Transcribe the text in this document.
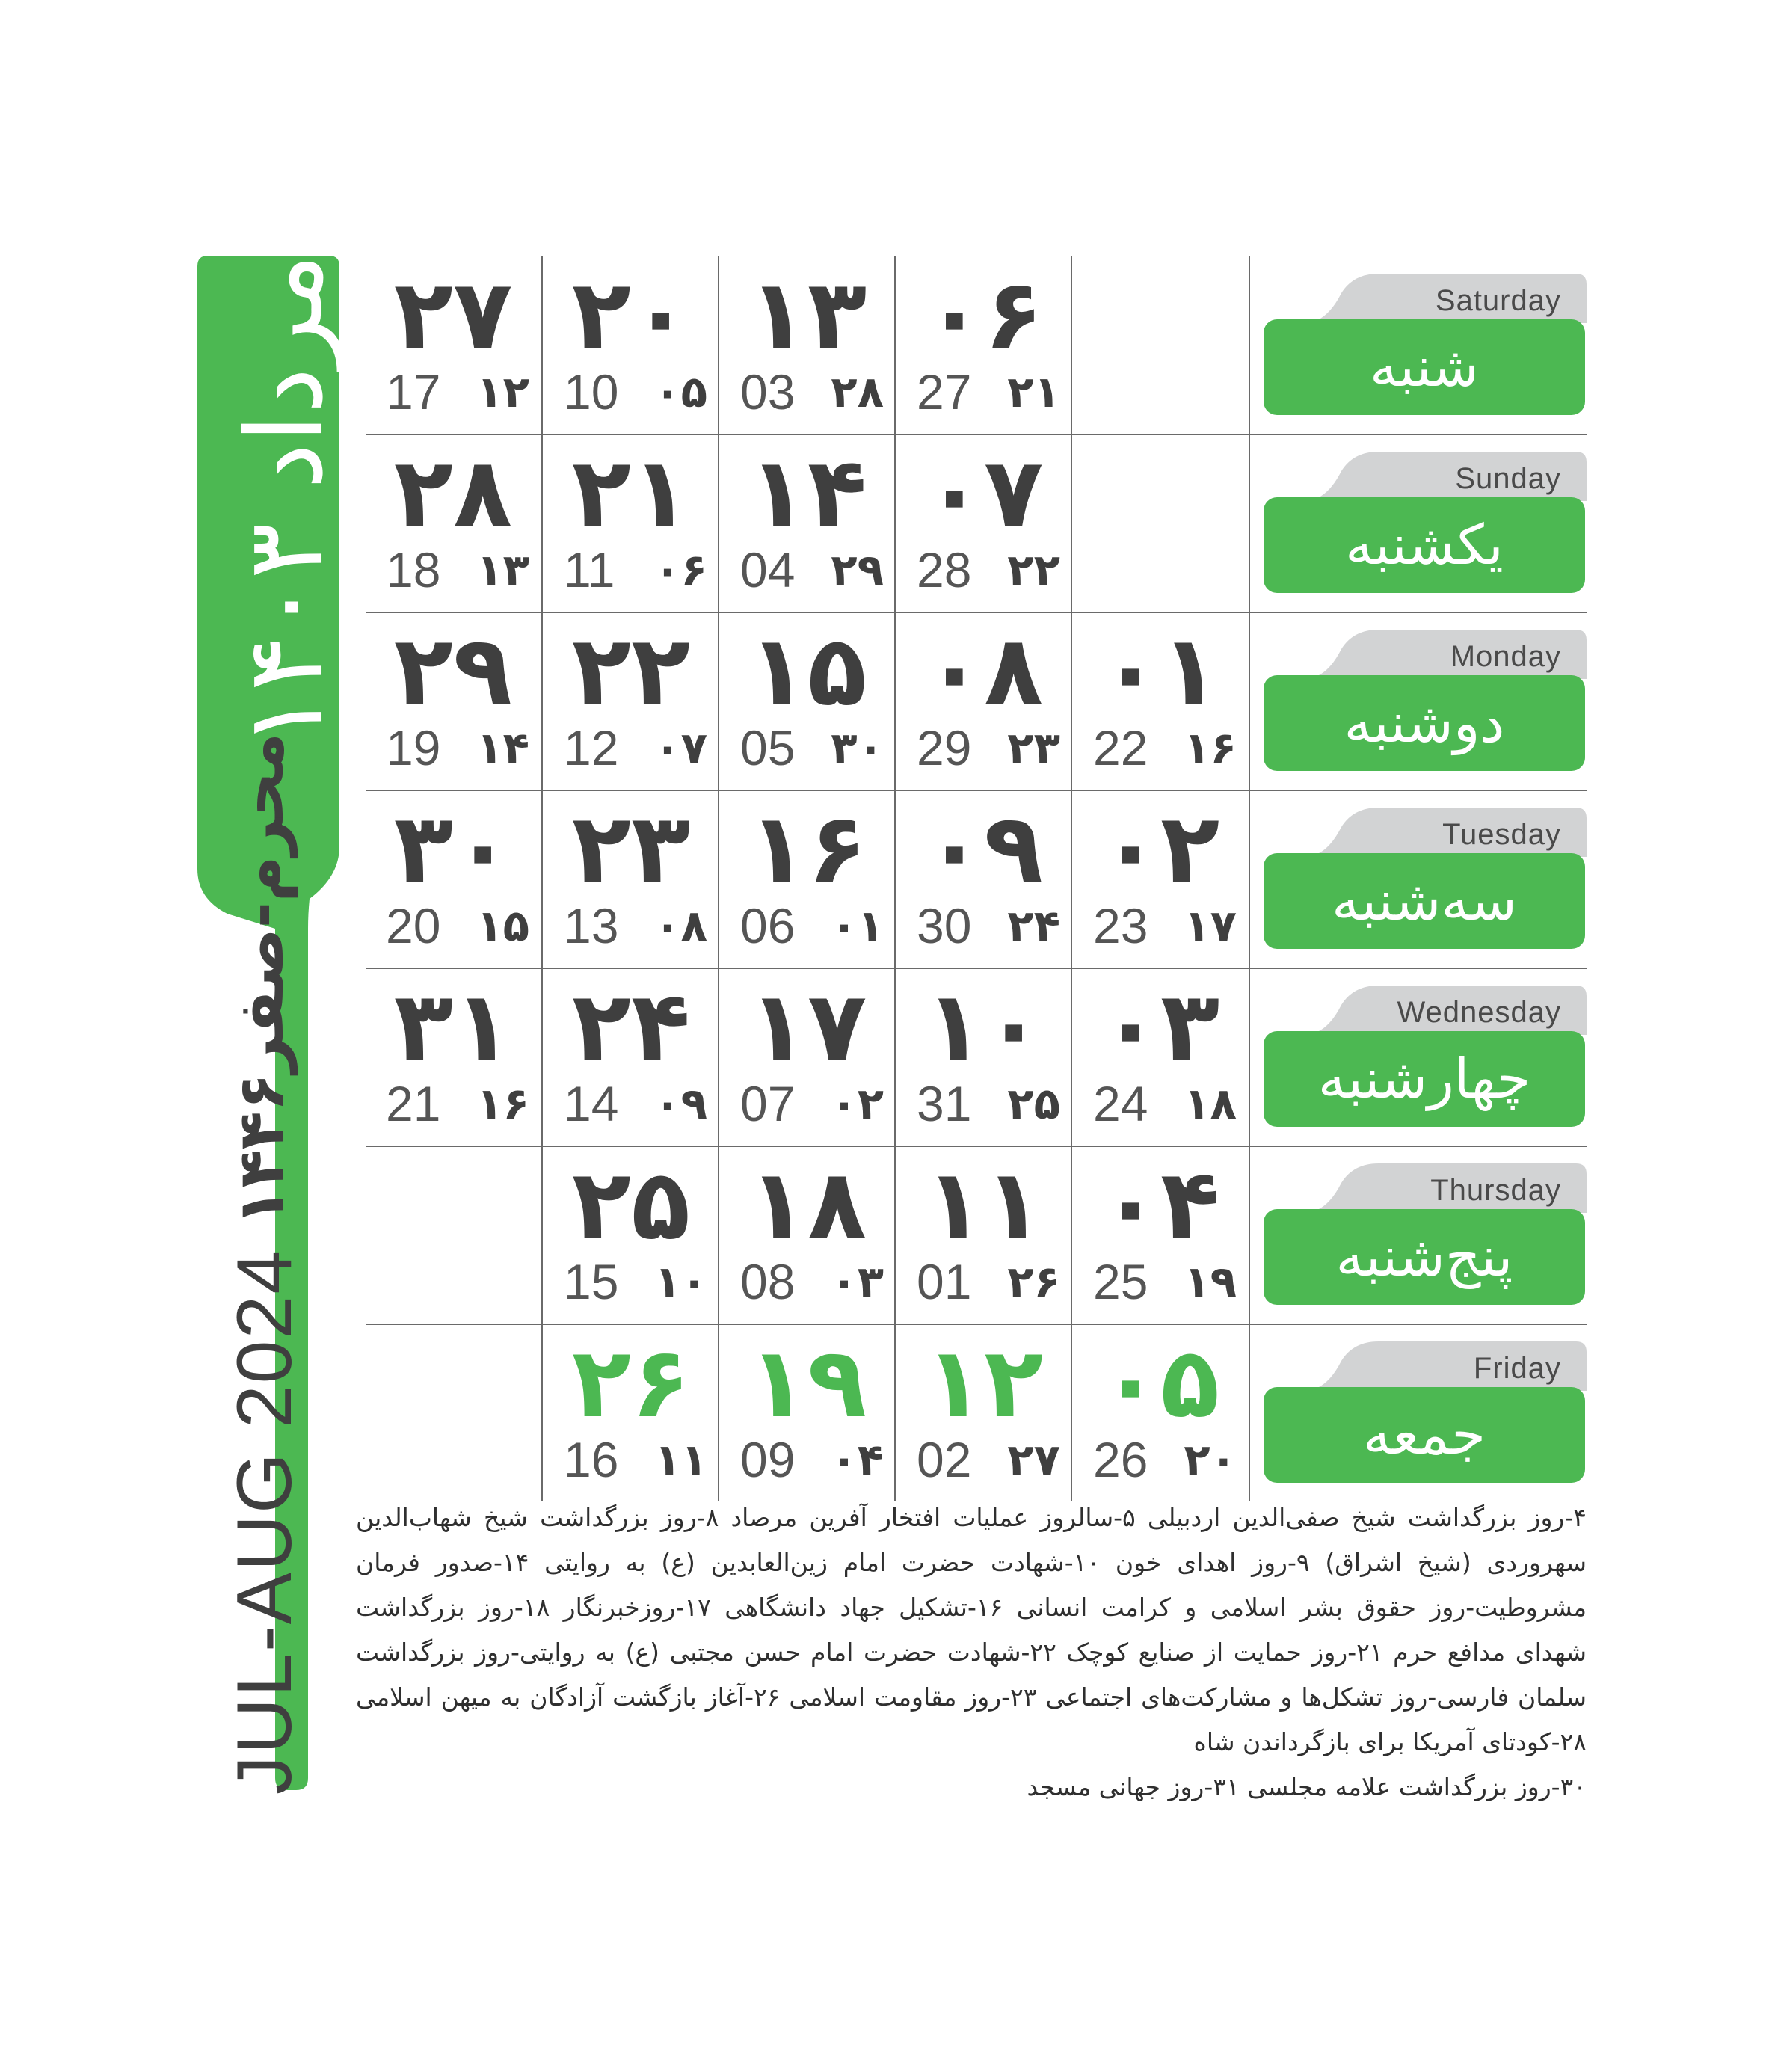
مرداد ۱۴۰۳
محرم-صفر۱۴۴۶
JUL-AUG 2024
Saturday
شنبه
Sunday
یکشنبه
Monday
دوشنبه
Tuesday
سه‌شنبه
Wednesday
چهارشنبه
Thursday
پنج‌شنبه
Friday
جمعه
۰۶
27 ۲۱
۱۳
03 ۲۸
۲۰
10 ۰۵
۲۷
17 ۱۲
۰۷
28 ۲۲
۱۴
04 ۲۹
۲۱
11 ۰۶
۲۸
18 ۱۳
۰۱
22 ۱۶
۰۸
29 ۲۳
۱۵
05 ۳۰
۲۲
12 ۰۷
۲۹
19 ۱۴
۰۲
23 ۱۷
۰۹
30 ۲۴
۱۶
06 ۰۱
۲۳
13 ۰۸
۳۰
20 ۱۵
۰۳
24 ۱۸
۱۰
31 ۲۵
۱۷
07 ۰۲
۲۴
14 ۰۹
۳۱
21 ۱۶
۰۴
25 ۱۹
۱۱
01 ۲۶
۱۸
08 ۰۳
۲۵
15 ۱۰
۰۵
26 ۲۰
۱۲
02 ۲۷
۱۹
09 ۰۴
۲۶
16 ۱۱

۴-روز بزرگداشت شیخ صفی‌الدین اردبیلی ۵-سالروز عملیات افتخار آفرین مرصاد ۸-روز بزرگداشت شیخ شهاب‌الدین سهروردی (شیخ اشراق) ۹-روز اهدای خون ۱۰-شهادت حضرت امام زین‌العابدین (ع) به روایتی ۱۴-صدور فرمان مشروطیت-روز حقوق بشر اسلامی و کرامت انسانی ۱۶-تشکیل جهاد دانشگاهی ۱۷-روزخبرنگار ۱۸-روز بزرگداشت شهدای مدافع حرم ۲۱-روز حمایت از صنایع کوچک ۲۲-شهادت حضرت امام حسن مجتبی (ع) به روایتی-روز بزرگداشت سلمان فارسی-روز تشکل‌ها و مشارکت‌های اجتماعی ۲۳-روز مقاومت اسلامی ۲۶-آغاز بازگشت آزادگان به میهن اسلامی ۲۸-کودتای آمریکا برای بازگرداندن شاه

۳۰-روز بزرگداشت علامه مجلسی ۳۱-روز جهانی مسجد
